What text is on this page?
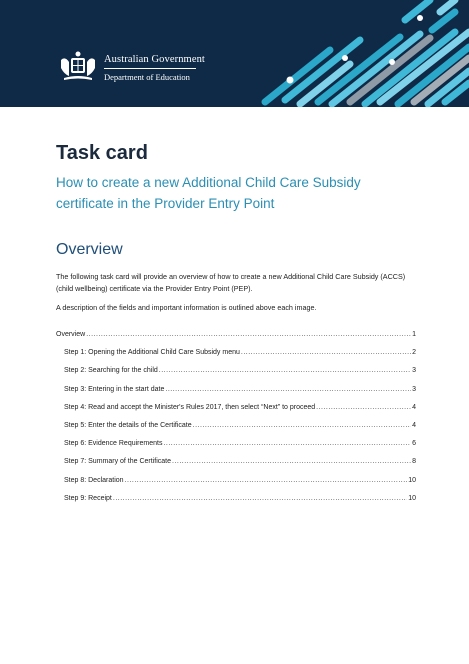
Australian Government
Department of Education
Task card
How to create a new Additional Child Care Subsidy certificate in the Provider Entry Point
Overview
The following task card will provide an overview of how to create a new Additional Child Care Subsidy (ACCS) (child wellbeing) certificate via the Provider Entry Point (PEP).
A description of the fields and important information is outlined above each image.
Overview .....	1
Step 1: Opening the Additional Child Care Subsidy menu .....	2
Step 2: Searching for the child .....	3
Step 3: Entering in the start date .....	3
Step 4: Read and accept the Minister's Rules 2017, then select “Next” to proceed .....	4
Step 5: Enter the details of the Certificate .....	4
Step 6: Evidence Requirements .....	6
Step 7: Summary of the Certificate .....	8
Step 8: Declaration .....	10
Step 9: Receipt .....	10
